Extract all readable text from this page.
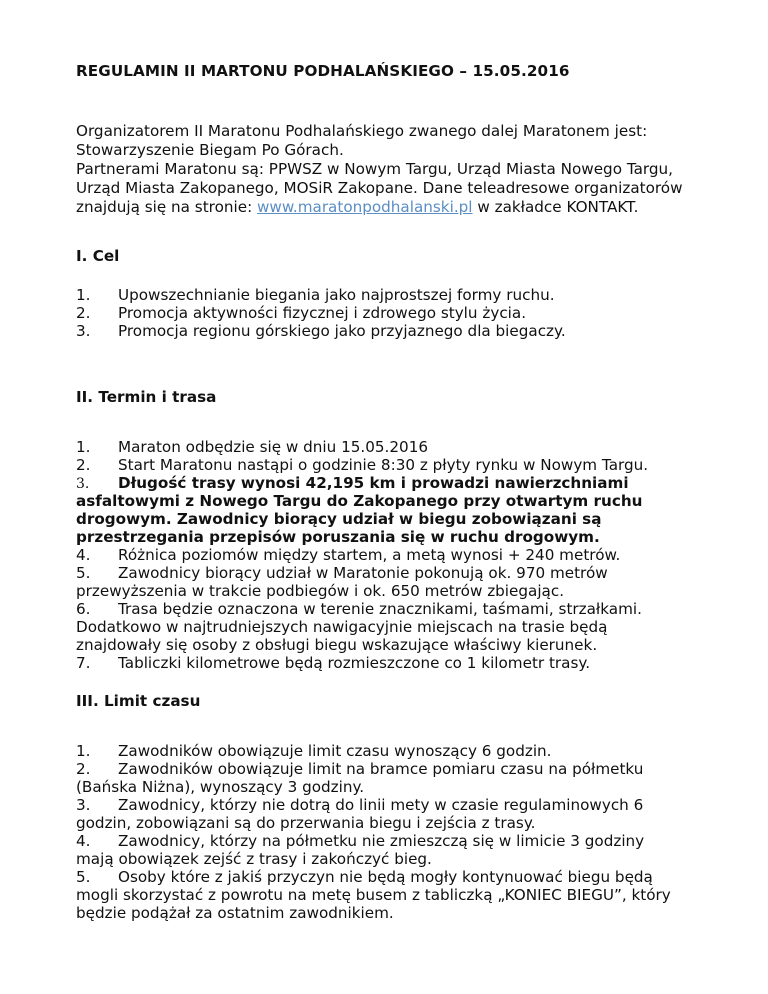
REGULAMIN II MARTONU PODHALAŃSKIEGO – 15.05.2016
Organizatorem II Maratonu Podhalańskiego zwanego dalej Maratonem jest:
Stowarzyszenie Biegam Po Górach.
Partnerami Maratonu są: PPWSZ w Nowym Targu, Urząd Miasta Nowego Targu,
Urząd Miasta Zakopanego, MOSiR Zakopane. Dane teleadresowe organizatorów
znajdują się na stronie: www.maratonpodhalanski.pl w zakładce KONTAKT.
I. Cel
1. Upowszechnianie biegania jako najprostszej formy ruchu.
2. Promocja aktywności fizycznej i zdrowego stylu życia.
3. Promocja regionu górskiego jako przyjaznego dla biegaczy.
II. Termin i trasa
1. Maraton odbędzie się w dniu 15.05.2016
2. Start Maratonu nastąpi o godzinie 8:30 z płyty rynku w Nowym Targu.
3. Długość trasy wynosi 42,195 km i prowadzi nawierzchniami
asfaltowymi z Nowego Targu do Zakopanego przy otwartym ruchu
drogowym. Zawodnicy biorący udział w biegu zobowiązani są
przestrzegania przepisów poruszania się w ruchu drogowym.
4. Różnica poziomów między startem, a metą wynosi + 240 metrów.
5. Zawodnicy biorący udział w Maratonie pokonują ok. 970 metrów
przewyższenia w trakcie podbiegów i ok. 650 metrów zbiegając.
6. Trasa będzie oznaczona w terenie znacznikami, taśmami, strzałkami.
Dodatkowo w najtrudniejszych nawigacyjnie miejscach na trasie będą
znajdowały się osoby z obsługi biegu wskazujące właściwy kierunek.
7. Tabliczki kilometrowe będą rozmieszczone co 1 kilometr trasy.
III. Limit czasu
1. Zawodników obowiązuje limit czasu wynoszący 6 godzin.
2. Zawodników obowiązuje limit na bramce pomiaru czasu na półmetku
(Bańska Niżna), wynoszący 3 godziny.
3. Zawodnicy, którzy nie dotrą do linii mety w czasie regulaminowych 6
godzin, zobowiązani są do przerwania biegu i zejścia z trasy.
4. Zawodnicy, którzy na półmetku nie zmieszczą się w limicie 3 godziny
mają obowiązek zejść z trasy i zakończyć bieg.
5. Osoby które z jakiś przyczyn nie będą mogły kontynuować biegu będą
mogli skorzystać z powrotu na metę busem z tabliczką „KONIEC BIEGU”, który
będzie podążał za ostatnim zawodnikiem.
